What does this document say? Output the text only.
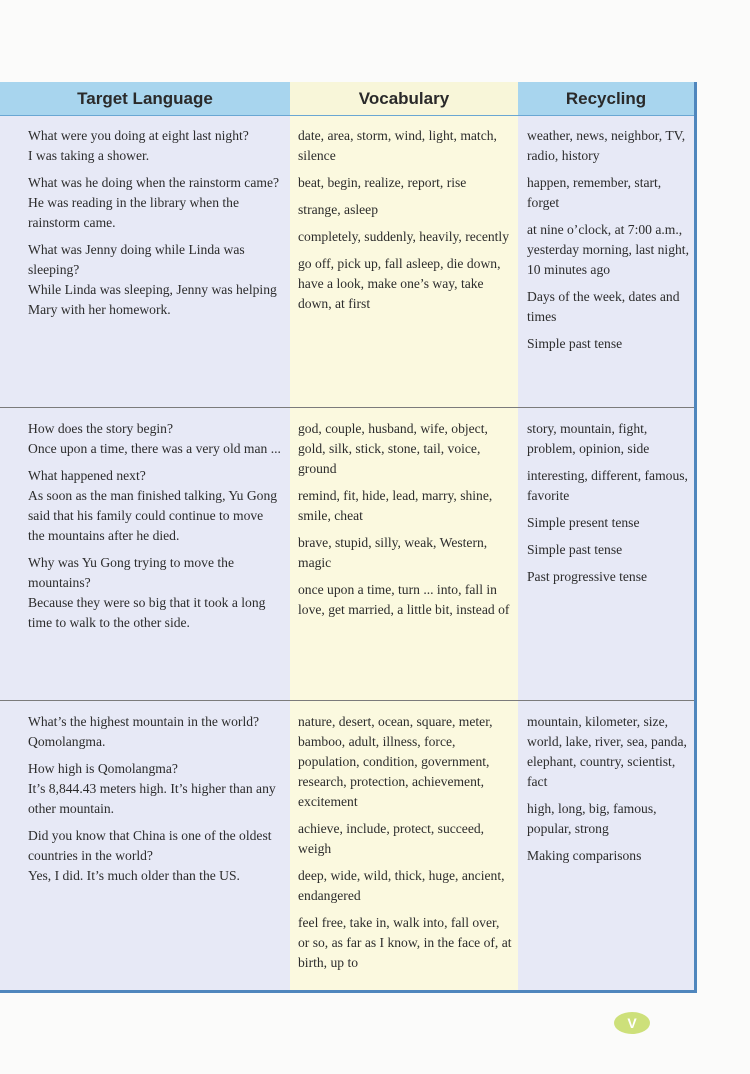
Target Language	Vocabulary	Recycling

What were you doing at eight last night?
I was taking a shower.

What was he doing when the rainstorm came?
He was reading in the library when the rainstorm came.

What was Jenny doing while Linda was sleeping?
While Linda was sleeping, Jenny was helping Mary with her homework.

date, area, storm, wind, light, match, silence

beat, begin, realize, report, rise

strange, asleep

completely, suddenly, heavily, recently

go off, pick up, fall asleep, die down, have a look, make one’s way, take down, at first

weather, news, neighbor, TV, radio, history

happen, remember, start, forget

at nine o’clock, at 7:00 a.m., yesterday morning, last night, 10 minutes ago

Days of the week, dates and times

Simple past tense

How does the story begin?
Once upon a time, there was a very old man ...

What happened next?
As soon as the man finished talking, Yu Gong said that his family could continue to move the mountains after he died.

Why was Yu Gong trying to move the mountains?
Because they were so big that it took a long time to walk to the other side.

god, couple, husband, wife, object, gold, silk, stick, stone, tail, voice, ground

remind, fit, hide, lead, marry, shine, smile, cheat

brave, stupid, silly, weak, Western, magic

once upon a time, turn ... into, fall in love, get married, a little bit, instead of

story, mountain, fight, problem, opinion, side

interesting, different, famous, favorite

Simple present tense

Simple past tense

Past progressive tense

What’s the highest mountain in the world?
Qomolangma.

How high is Qomolangma?
It’s 8,844.43 meters high. It’s higher than any other mountain.

Did you know that China is one of the oldest countries in the world?
Yes, I did. It’s much older than the US.

nature, desert, ocean, square, meter, bamboo, adult, illness, force, population, condition, government, research, protection, achievement, excitement

achieve, include, protect, succeed, weigh

deep, wide, wild, thick, huge, ancient, endangered

feel free, take in, walk into, fall over, or so, as far as I know, in the face of, at birth, up to

mountain, kilometer, size, world, lake, river, sea, panda, elephant, country, scientist, fact

high, long, big, famous, popular, strong

Making comparisons

V
